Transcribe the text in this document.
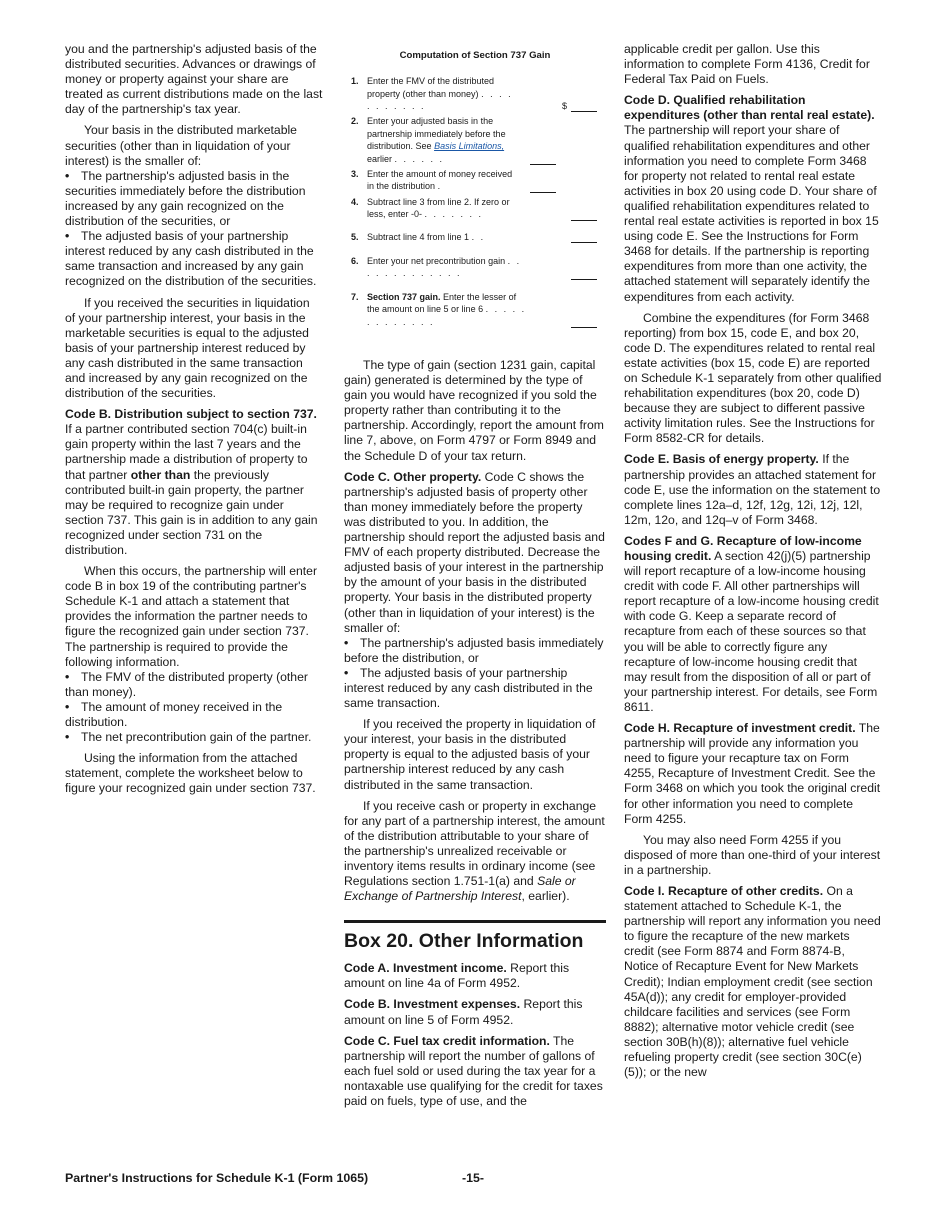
you and the partnership's adjusted basis of the distributed securities. Advances or drawings of money or property against your share are treated as current distributions made on the last day of the partnership's tax year.

Your basis in the distributed marketable securities (other than in liquidation of your interest) is the smaller of:

• The partnership's adjusted basis in the securities immediately before the distribution increased by any gain recognized on the distribution of the securities, or
• The adjusted basis of your partnership interest reduced by any cash distributed in the same transaction and increased by any gain recognized on the distribution of the securities.

If you received the securities in liquidation of your partnership interest, your basis in the marketable securities is equal to the adjusted basis of your partnership interest reduced by any cash distributed in the same transaction and increased by any gain recognized on the distribution of the securities.

Code B. Distribution subject to section 737. If a partner contributed section 704(c) built-in gain property within the last 7 years and the partnership made a distribution of property to that partner other than the previously contributed built-in gain property, the partner may be required to recognize gain under section 737. This gain is in addition to any gain recognized under section 731 on the distribution.

When this occurs, the partnership will enter code B in box 19 of the contributing partner's Schedule K-1 and attach a statement that provides the information the partner needs to figure the recognized gain under section 737. The partnership is required to provide the following information.

• The FMV of the distributed property (other than money).
• The amount of money received in the distribution.
• The net precontribution gain of the partner.

Using the information from the attached statement, complete the worksheet below to figure your recognized gain under section 737.

Computation of Section 737 Gain
1. Enter the FMV of the distributed property (other than money) . . . . . . . . . . .	$
2. Enter your adjusted basis in the partnership immediately before the distribution. See Basis Limitations, earlier . . . . . .
3. Enter the amount of money received in the distribution .
4. Subtract line 3 from line 2. If zero or less, enter -0- . . . . . . .
5. Subtract line 4 from line 1 . .
6. Enter your net precontribution gain . . . . . . . . . . . . .
7. Section 737 gain. Enter the lesser of the amount on line 5 or line 6 . . . . . . . . . . . . .

The type of gain (section 1231 gain, capital gain) generated is determined by the type of gain you would have recognized if you sold the property rather than contributing it to the partnership. Accordingly, report the amount from line 7, above, on Form 4797 or Form 8949 and the Schedule D of your tax return.

Code C. Other property. Code C shows the partnership's adjusted basis of property other than money immediately before the property was distributed to you. In addition, the partnership should report the adjusted basis and FMV of each property distributed. Decrease the adjusted basis of your interest in the partnership by the amount of your basis in the distributed property. Your basis in the distributed property (other than in liquidation of your interest) is the smaller of:

• The partnership's adjusted basis immediately before the distribution, or
• The adjusted basis of your partnership interest reduced by any cash distributed in the same transaction.

If you received the property in liquidation of your interest, your basis in the distributed property is equal to the adjusted basis of your partnership interest reduced by any cash distributed in the same transaction.

If you receive cash or property in exchange for any part of a partnership interest, the amount of the distribution attributable to your share of the partnership's unrealized receivable or inventory items results in ordinary income (see Regulations section 1.751-1(a) and Sale or Exchange of Partnership Interest, earlier).

Box 20. Other Information

Code A. Investment income. Report this amount on line 4a of Form 4952.

Code B. Investment expenses. Report this amount on line 5 of Form 4952.

Code C. Fuel tax credit information. The partnership will report the number of gallons of each fuel sold or used during the tax year for a nontaxable use qualifying for the credit for taxes paid on fuels, type of use, and the

applicable credit per gallon. Use this information to complete Form 4136, Credit for Federal Tax Paid on Fuels.

Code D. Qualified rehabilitation expenditures (other than rental real estate). The partnership will report your share of qualified rehabilitation expenditures and other information you need to complete Form 3468 for property not related to rental real estate activities in box 20 using code D. Your share of qualified rehabilitation expenditures related to rental real estate activities is reported in box 15 using code E. See the Instructions for Form 3468 for details. If the partnership is reporting expenditures from more than one activity, the attached statement will separately identify the expenditures from each activity.

Combine the expenditures (for Form 3468 reporting) from box 15, code E, and box 20, code D. The expenditures related to rental real estate activities (box 15, code E) are reported on Schedule K-1 separately from other qualified rehabilitation expenditures (box 20, code D) because they are subject to different passive activity limitation rules. See the Instructions for Form 8582-CR for details.

Code E. Basis of energy property. If the partnership provides an attached statement for code E, use the information on the statement to complete lines 12a–d, 12f, 12g, 12i, 12j, 12l, 12m, 12o, and 12q–v of Form 3468.

Codes F and G. Recapture of low-income housing credit. A section 42(j)(5) partnership will report recapture of a low-income housing credit with code F. All other partnerships will report recapture of a low-income housing credit with code G. Keep a separate record of recapture from each of these sources so that you will be able to correctly figure any recapture of low-income housing credit that may result from the disposition of all or part of your partnership interest. For details, see Form 8611.

Code H. Recapture of investment credit. The partnership will provide any information you need to figure your recapture tax on Form 4255, Recapture of Investment Credit. See the Form 3468 on which you took the original credit for other information you need to complete Form 4255.

You may also need Form 4255 if you disposed of more than one-third of your interest in a partnership.

Code I. Recapture of other credits. On a statement attached to Schedule K-1, the partnership will report any information you need to figure the recapture of the new markets credit (see Form 8874 and Form 8874-B, Notice of Recapture Event for New Markets Credit); Indian employment credit (see section 45A(d)); any credit for employer-provided childcare facilities and services (see Form 8882); alternative motor vehicle credit (see section 30B(h)(8)); alternative fuel vehicle refueling property credit (see section 30C(e)(5)); or the new

Partner's Instructions for Schedule K-1 (Form 1065)	-15-
